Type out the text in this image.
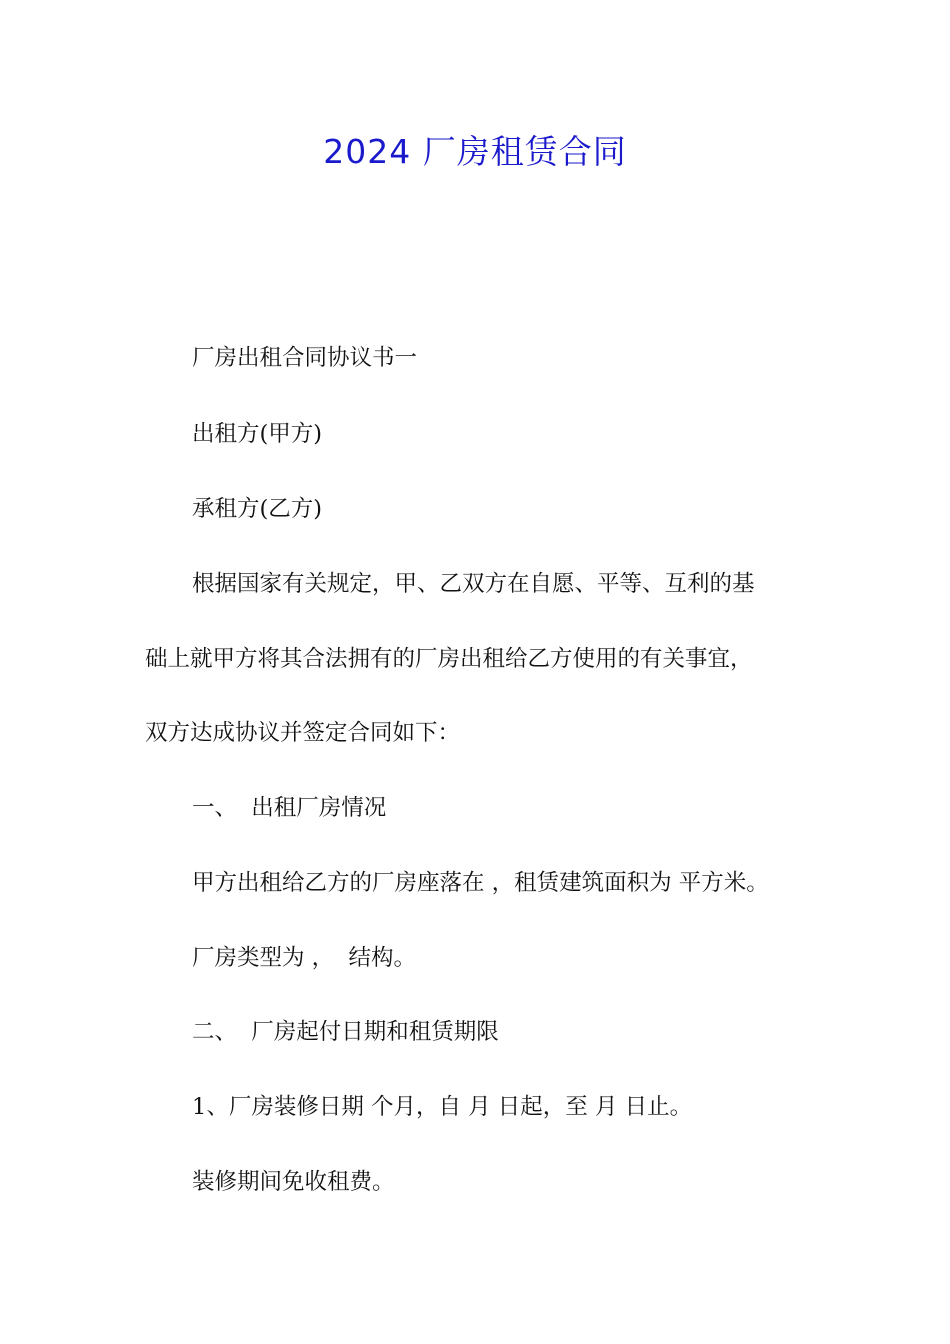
2024 厂房租赁合同
厂房出租合同协议书一
出租方(甲方)
承租方(乙方)
根据国家有关规定，甲、乙双方在自愿、平等、互利的基
础上就甲方将其合法拥有的厂房出租给乙方使用的有关事宜，
双方达成协议并签定合同如下：
一、  出租厂房情况
甲方出租给乙方的厂房座落在 ，租赁建筑面积为 平方米。
厂房类型为 ，  结构。
二、  厂房起付日期和租赁期限
1、厂房装修日期 个月，自 月 日起，至 月 日止。
装修期间免收租费。
